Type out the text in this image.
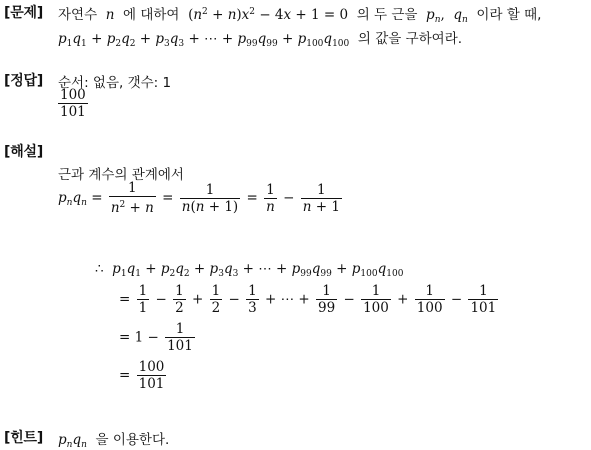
[문제] 자연수 n 에 대하여  $(n^2 + n)x^2 - 4x + 1 = 0$  의 두 근을 $p_n$,  $q_n$ 이라 할 때,
$p_1q_1 + p_2q_2 + p_3q_3$ + ⋯ + $p_{99}q_{99} + p_{100}q_{100}$ 의 값을 구하여라.
[정답] 순서: 없음, 갯수: 1
$\frac{100}{101}$
[해설]
근과 계수의 관계에서
$p_nq_n = \frac{1}{n^2 + n} = \frac{1}{n(n + 1)} = \frac{1}{n} - \frac{1}{n + 1}$
∴  $p_1q_1 + p_2q_2 + p_3q_3$ + ⋯ + $p_{99}q_{99} + p_{100}q_{100}$
= $\frac{1}{1} - \frac{1}{2} + \frac{1}{2} - \frac{1}{3}$ + ⋯ + $\frac{1}{99} - \frac{1}{100} + \frac{1}{100} - \frac{1}{101}$
= $1 - \frac{1}{101}$
= $\frac{100}{101}$
[힌트] $p_nq_n$ 을 이용한다.
